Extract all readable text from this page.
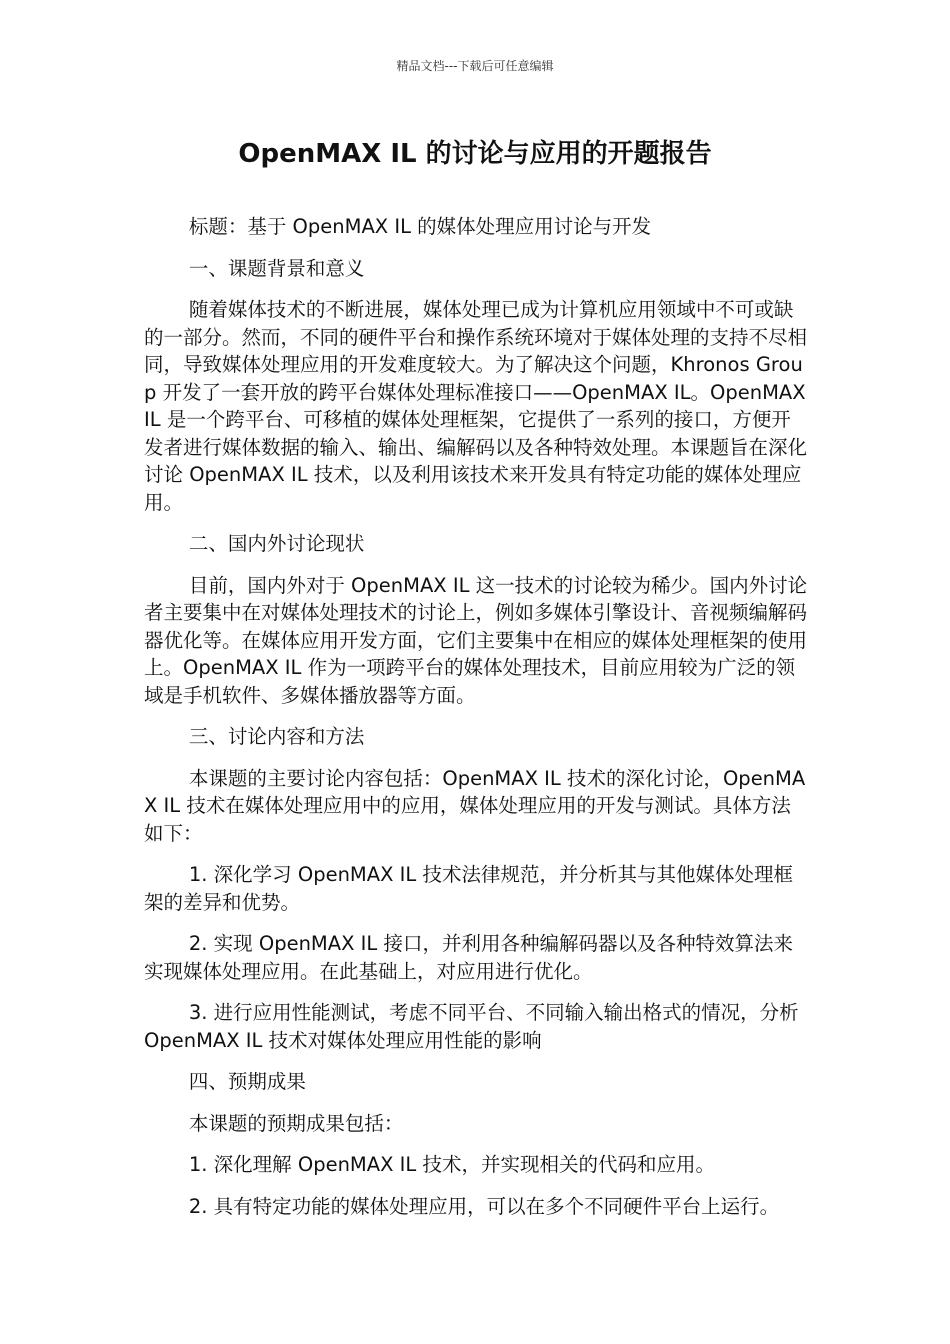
精品文档---下载后可任意编辑
OpenMAX IL 的讨论与应用的开题报告

标题：基于 OpenMAX IL 的媒体处理应用讨论与开发

一、课题背景和意义

随着媒体技术的不断进展，媒体处理已成为计算机应用领域中不可或缺的一部分。然而，不同的硬件平台和操作系统环境对于媒体处理的支持不尽相同，导致媒体处理应用的开发难度较大。为了解决这个问题，Khronos Group 开发了一套开放的跨平台媒体处理标准接口——OpenMAX IL。OpenMAX IL 是一个跨平台、可移植的媒体处理框架，它提供了一系列的接口，方便开发者进行媒体数据的输入、输出、编解码以及各种特效处理。本课题旨在深化讨论 OpenMAX IL 技术，以及利用该技术来开发具有特定功能的媒体处理应用。

二、国内外讨论现状

目前，国内外对于 OpenMAX IL 这一技术的讨论较为稀少。国内外讨论者主要集中在对媒体处理技术的讨论上，例如多媒体引擎设计、音视频编解码器优化等。在媒体应用开发方面，它们主要集中在相应的媒体处理框架的使用上。OpenMAX IL 作为一项跨平台的媒体处理技术，目前应用较为广泛的领域是手机软件、多媒体播放器等方面。

三、讨论内容和方法

本课题的主要讨论内容包括：OpenMAX IL 技术的深化讨论，OpenMAX IL 技术在媒体处理应用中的应用，媒体处理应用的开发与测试。具体方法如下：

1. 深化学习 OpenMAX IL 技术法律规范，并分析其与其他媒体处理框架的差异和优势。

2. 实现 OpenMAX IL 接口，并利用各种编解码器以及各种特效算法来实现媒体处理应用。在此基础上，对应用进行优化。

3. 进行应用性能测试，考虑不同平台、不同输入输出格式的情况，分析 OpenMAX IL 技术对媒体处理应用性能的影响

四、预期成果

本课题的预期成果包括：

1. 深化理解 OpenMAX IL 技术，并实现相关的代码和应用。

2. 具有特定功能的媒体处理应用，可以在多个不同硬件平台上运行。
